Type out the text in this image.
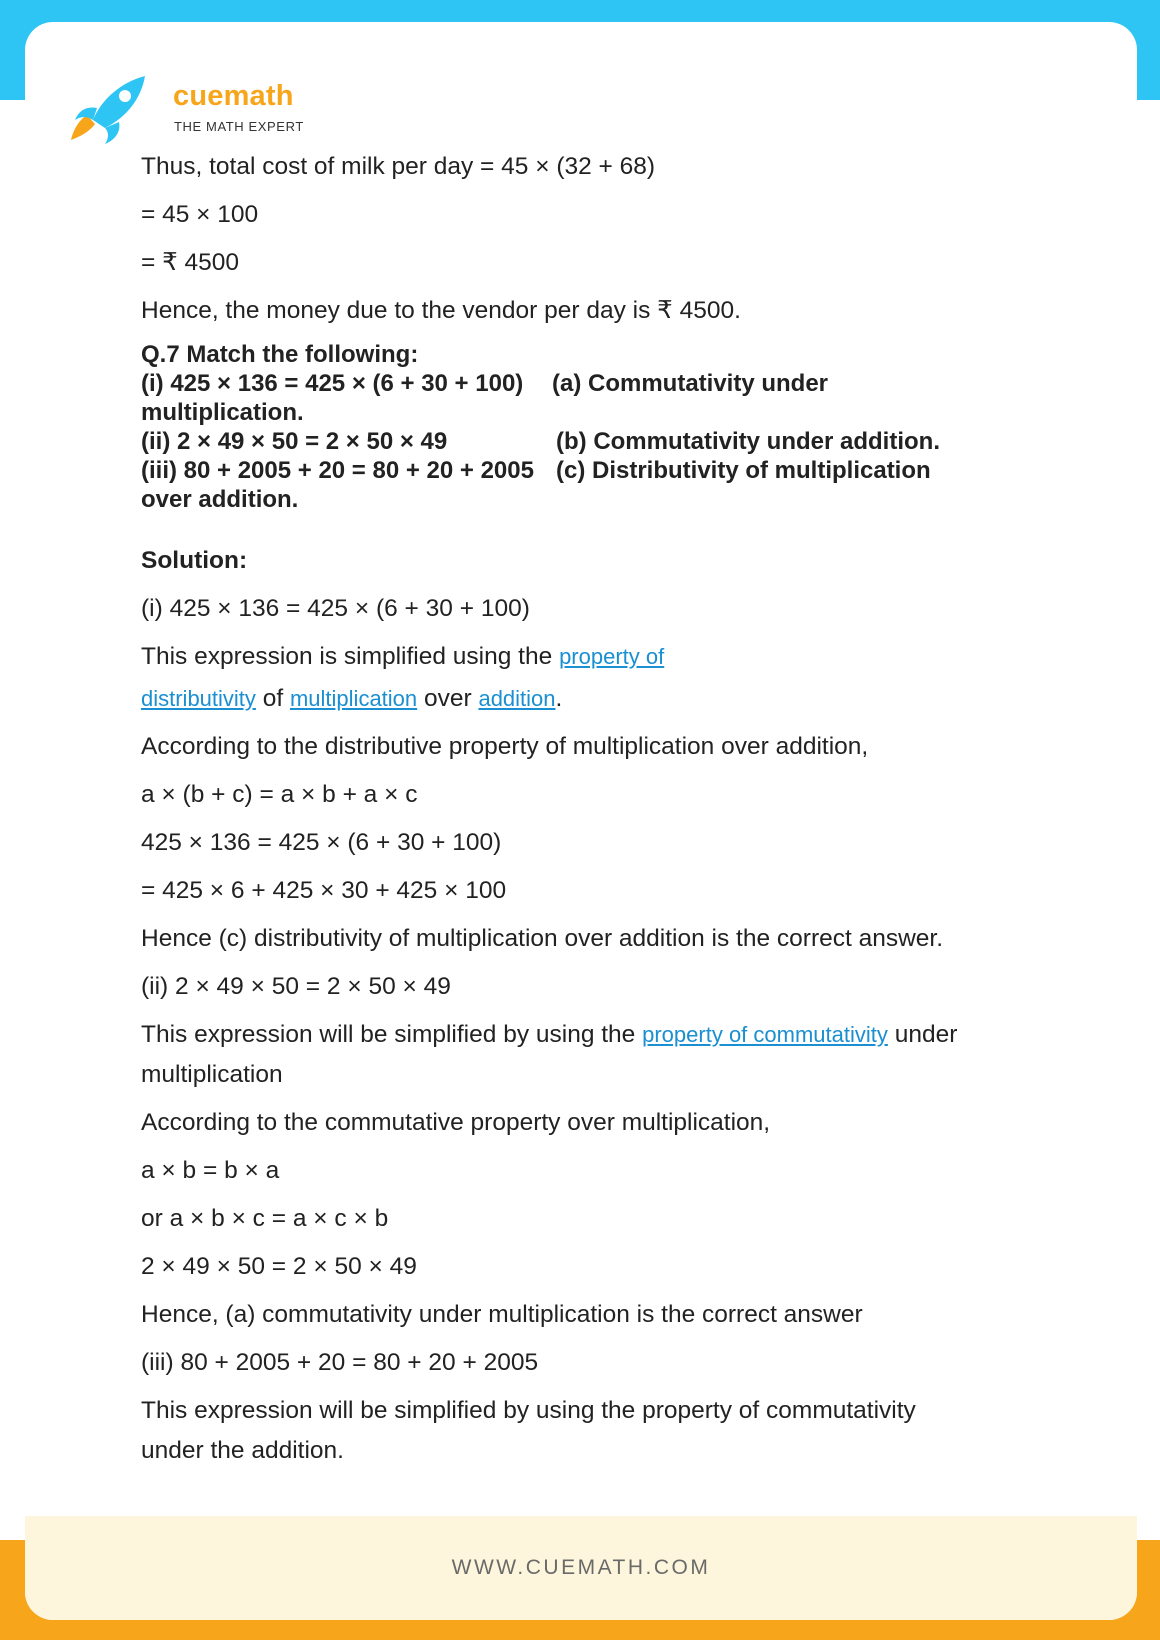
cuemath
THE MATH EXPERT
WWW.CUEMATH.COM
Thus, total cost of milk per day = 45 × (32 + 68)
= 45 × 100
= ₹ 4500
Hence, the money due to the vendor per day is ₹ 4500.
Q.7 Match the following:
(i) 425 × 136 = 425 × (6 + 30 + 100) (a) Commutativity under
multiplication.
(ii) 2 × 49 × 50 = 2 × 50 × 49	(b) Commutativity under addition.
(iii) 80 + 2005 + 20 = 80 + 20 + 2005 (c) Distributivity of multiplication
over addition.
Solution:
(i) 425 × 136 = 425 × (6 + 30 + 100)
This expression is simplified using the property of
distributivity of multiplication over addition.
According to the distributive property of multiplication over addition,
a × (b + c) = a × b + a × c
425 × 136 = 425 × (6 + 30 + 100)
= 425 × 6 + 425 × 30 + 425 × 100
Hence (c) distributivity of multiplication over addition is the correct answer.
(ii) 2 × 49 × 50 = 2 × 50 × 49
This expression will be simplified by using the property of commutativity under
multiplication
According to the commutative property over multiplication,
a × b = b × a
or a × b × c = a × c × b
2 × 49 × 50 = 2 × 50 × 49
Hence, (a) commutativity under multiplication is the correct answer
(iii) 80 + 2005 + 20 = 80 + 20 + 2005
This expression will be simplified by using the property of commutativity
under the addition.
